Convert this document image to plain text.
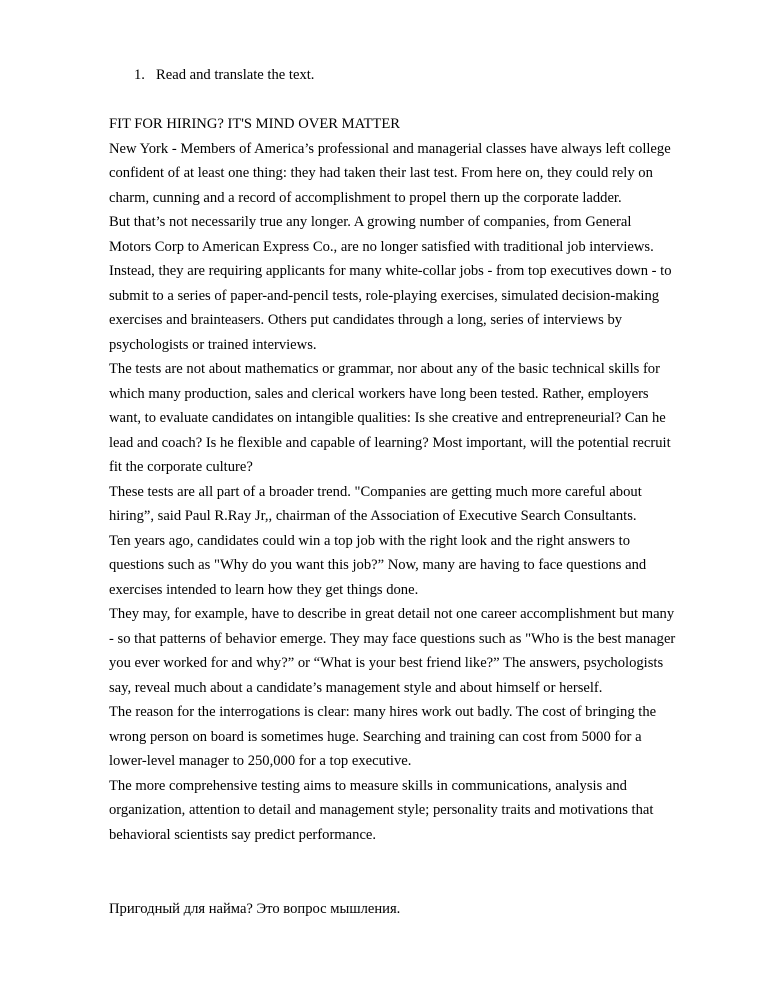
1. Read and translate the text.
FIT FOR HIRING? IT'S MIND OVER MATTER
New York - Members of America’s professional and managerial classes have always left college
confident of at least one thing: they had taken their last test. From here on, they could rely on
charm, cunning and a record of accomplishment to propel thern up the corporate ladder.
But that’s not necessarily true any longer. A growing number of companies, from General
Motors Corp to American Express Co., are no longer satisfied with traditional job interviews.
Instead, they are requiring applicants for many white-collar jobs - from top executives down - to
submit to a series of paper-and-pencil tests, role-playing exercises, simulated decision-making
exercises and brainteasers. Others put candidates through a long, series of interviews by
psychologists or trained interviews.
The tests are not about mathematics or grammar, nor about any of the basic technical skills for
which many production, sales and clerical workers have long been tested. Rather, employers
want, to evaluate candidates on intangible qualities: Is she creative and entrepreneurial? Can he
lead and coach? Is he flexible and capable of learning? Most important, will the potential recruit
fit the corporate culture?
These tests are all part of a broader trend. "Companies are getting much more careful about
hiring”, said Paul R.Ray Jr,, chairman of the Association of Executive Search Consultants.
Ten years ago, candidates could win a top job with the right look and the right answers to
questions such as "Why do you want this job?” Now, many are having to face questions and
exercises intended to learn how they get things done.
They may, for example, have to describe in great detail not one career accomplishment but many
- so that patterns of behavior emerge. They may face questions such as "Who is the best manager
you ever worked for and why?” or “What is your best friend like?” The answers, psychologists
say, reveal much about a candidate’s management style and about himself or herself.
The reason for the interrogations is clear: many hires work out badly. The cost of bringing the
wrong person on board is sometimes huge. Searching and training can cost from 5000 for a
lower-level manager to 250,000 for a top executive.
The more comprehensive testing aims to measure skills in communications, analysis and
organization, attention to detail and management style; personality traits and motivations that
behavioral scientists say predict performance.
Пригодный для найма? Это вопрос мышления.
